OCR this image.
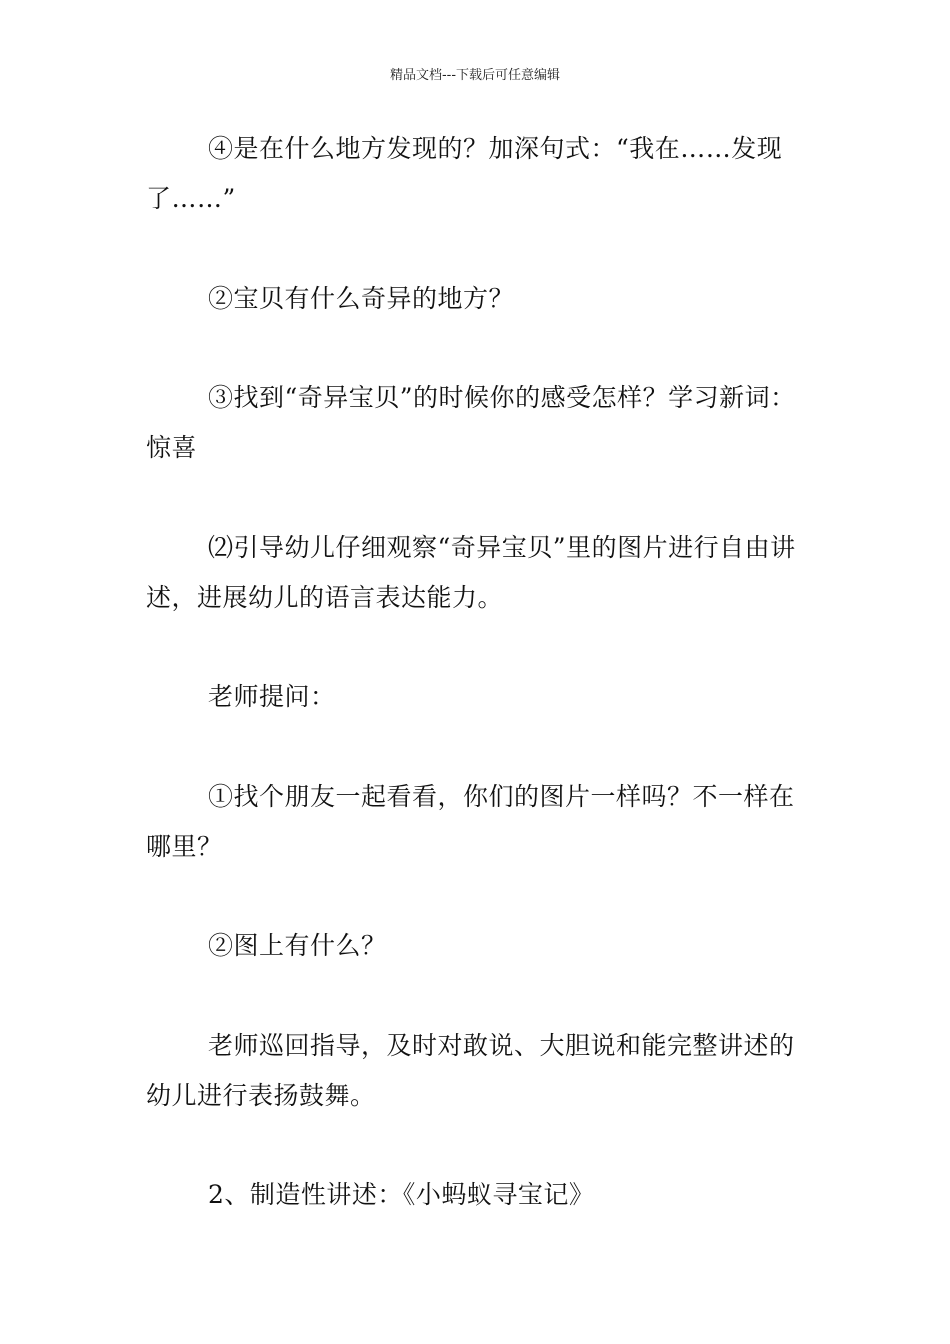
精品文档---下载后可任意编辑

④是在什么地方发现的？加深句式：“我在……发现了……”

②宝贝有什么奇异的地方？

③找到“奇异宝贝”的时候你的感受怎样？学习新词：惊喜

⑵引导幼儿仔细观察“奇异宝贝”里的图片进行自由讲述，进展幼儿的语言表达能力。

老师提问：

①找个朋友一起看看，你们的图片一样吗？不一样在哪里？

②图上有什么？

老师巡回指导，及时对敢说、大胆说和能完整讲述的幼儿进行表扬鼓舞。

2、制造性讲述：《小蚂蚁寻宝记》
